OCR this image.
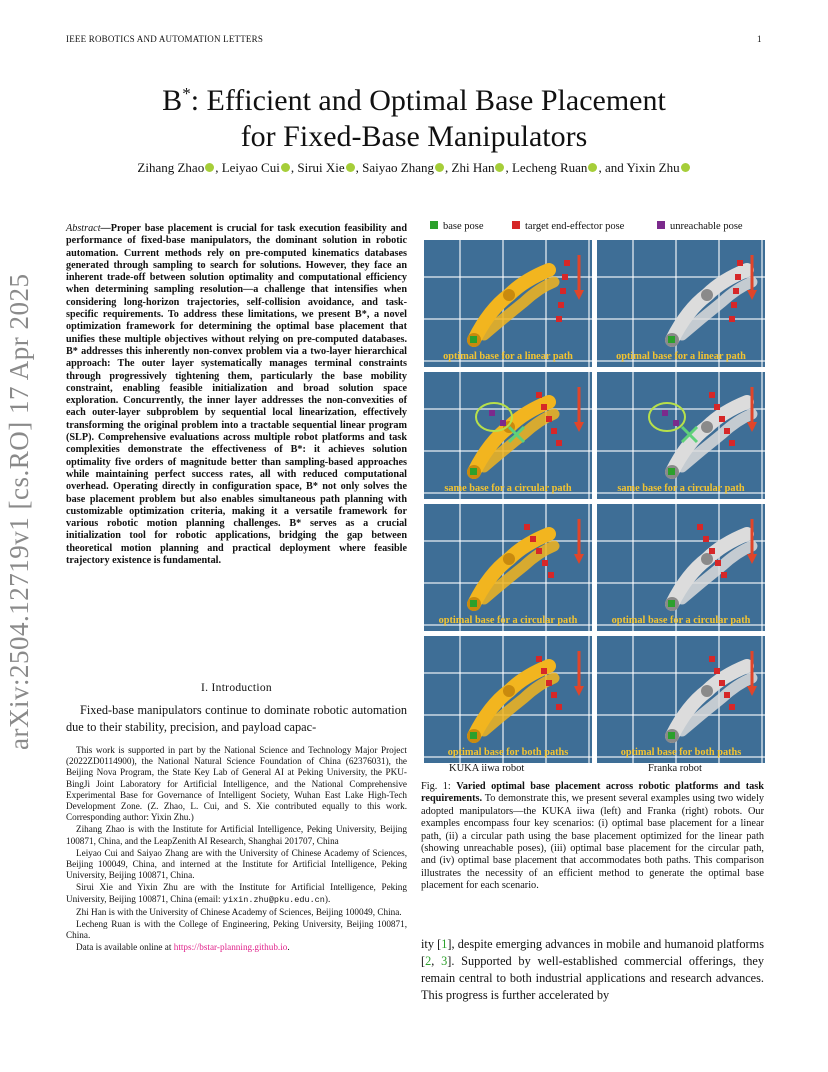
IEEE ROBOTICS AND AUTOMATION LETTERS	1
B*: Efficient and Optimal Base Placement
for Fixed-Base Manipulators
Zihang Zhao , Leiyao Cui , Sirui Xie , Saiyao Zhang , Zhi Han , Lecheng Ruan , and Yixin Zhu
arXiv:2504.12719v1 [cs.RO] 17 Apr 2025
Abstract—Proper base placement is crucial for task execution feasibility and performance of fixed-base manipulators, the dominant solution in robotic automation. Current methods rely on pre-computed kinematics databases generated through sampling to search for solutions. However, they face an inherent trade-off between solution optimality and computational efficiency when determining sampling resolution—a challenge that intensifies when considering long-horizon trajectories, self-collision avoidance, and task-specific requirements. To address these limitations, we present B*, a novel optimization framework for determining the optimal base placement that unifies these multiple objectives without relying on pre-computed databases. B* addresses this inherently non-convex problem via a two-layer hierarchical approach: The outer layer systematically manages terminal constraints through progressively tightening them, particularly the base mobility constraint, enabling feasible initialization and broad solution space exploration. Concurrently, the inner layer addresses the non-convexities of each outer-layer subproblem by sequential local linearization, effectively transforming the original problem into a tractable sequential linear program (SLP). Comprehensive evaluations across multiple robot platforms and task complexities demonstrate the effectiveness of B*: it achieves solution optimality five orders of magnitude better than sampling-based approaches while maintaining perfect success rates, all with reduced computational overhead. Operating directly in configuration space, B* not only solves the base placement problem but also enables simultaneous path planning with customizable optimization criteria, making it a versatile framework for various robotic motion planning challenges. B* serves as a crucial initialization tool for robotic applications, bridging the gap between theoretical motion planning and practical deployment where feasible trajectory existence is fundamental.
I. Introduction
Fixed-base manipulators continue to dominate robotic automation due to their stability, precision, and payload capac-

This work is supported in part by the National Science and Technology Major Project (2022ZD0114900), the National Natural Science Foundation of China (62376031), the Beijing Nova Program, the State Key Lab of General AI at Peking University, the PKU-BingJi Joint Laboratory for Artificial Intelligence, and the National Comprehensive Experimental Base for Governance of Intelligent Society, Wuhan East Lake High-Tech Development Zone. (Z. Zhao, L. Cui, and S. Xie contributed equally to this work. Corresponding author: Yixin Zhu.)

Zihang Zhao is with the Institute for Artificial Intelligence, Peking University, Beijing 100871, China, and the LeapZenith AI Research, Shanghai 201707, China

Leiyao Cui and Saiyao Zhang are with the University of Chinese Academy of Sciences, Beijing 100049, China, and interned at the Institute for Artificial Intelligence, Peking University, Beijing 100871, China.

Sirui Xie and Yixin Zhu are with the Institute for Artificial Intelligence, Peking University, Beijing 100871, China (email: yixin.zhu@pku.edu.cn).

Zhi Han is with the University of Chinese Academy of Sciences, Beijing 100049, China.

Lecheng Ruan is with the College of Engineering, Peking University, Beijing 100871, China.

Data is available online at https://bstar-planning.github.io.

base pose	target end-effector pose	unreachable pose
optimal base for a linear path	optimal base for a linear path
same base for a circular path	same base for a circular path
optimal base for a circular path	optimal base for a circular path
optimal base for both paths	optimal base for both paths
KUKA iiwa robot	Franka robot
Fig. 1: Varied optimal base placement across robotic platforms and task requirements. To demonstrate this, we present several examples using two widely adopted manipulators—the KUKA iiwa (left) and Franka (right) robots. Our examples encompass four key scenarios: (i) optimal base placement for a linear path, (ii) a circular path using the base placement optimized for the linear path (showing unreachable poses), (iii) optimal base placement for the circular path, and (iv) optimal base placement that accommodates both paths. This comparison illustrates the necessity of an efficient method to generate the optimal base placement for each scenario.
ity [1], despite emerging advances in mobile and humanoid platforms [2, 3]. Supported by well-established commercial offerings, they remain central to both industrial applications and research advances. This progress is further accelerated by
